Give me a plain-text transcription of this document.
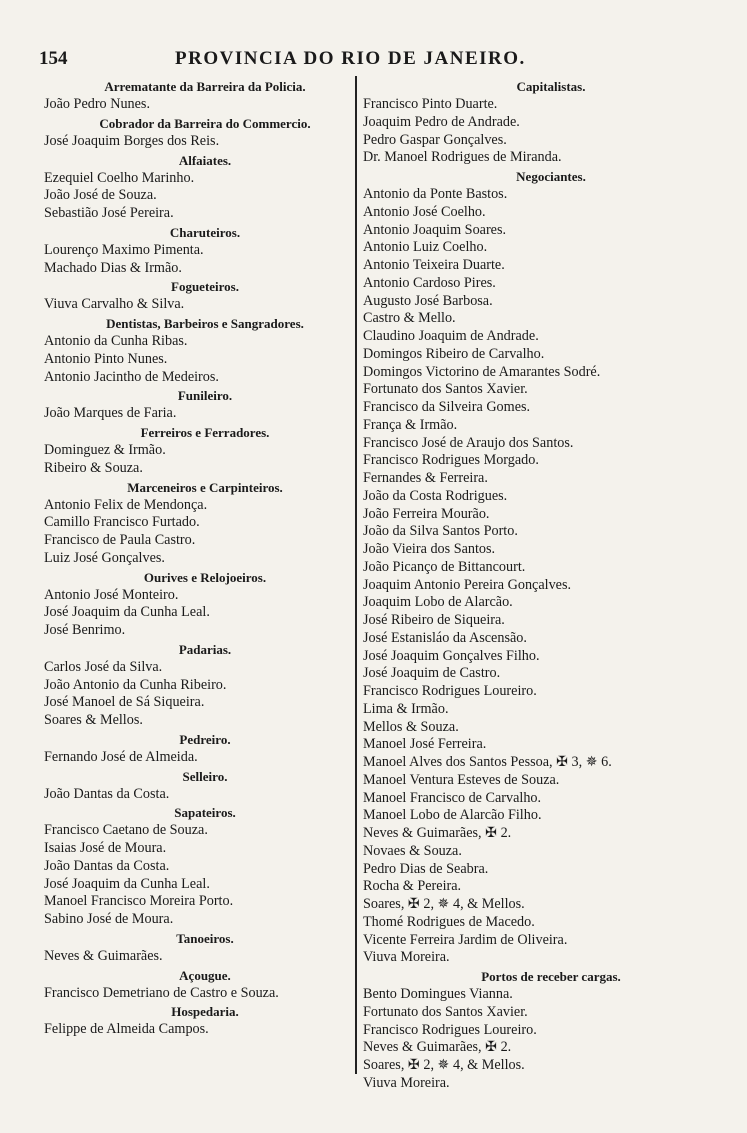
154	PROVINCIA DO RIO DE JANEIRO.
Arrematante da Barreira da Policia.
João Pedro Nunes.
Cobrador da Barreira do Commercio.
José Joaquim Borges dos Reis.
Alfaiates.
Ezequiel Coelho Marinho.
João José de Souza.
Sebastião José Pereira.
Charuteiros.
Lourenço Maximo Pimenta.
Machado Dias & Irmão.
Fogueteiros.
Viuva Carvalho & Silva.
Dentistas, Barbeiros e Sangradores.
Antonio da Cunha Ribas.
Antonio Pinto Nunes.
Antonio Jacintho de Medeiros.
Funileiro.
João Marques de Faria.
Ferreiros e Ferradores.
Dominguez & Irmão.
Ribeiro & Souza.
Marceneiros e Carpinteiros.
Antonio Felix de Mendonça.
Camillo Francisco Furtado.
Francisco de Paula Castro.
Luiz José Gonçalves.
Ourives e Relojoeiros.
Antonio José Monteiro.
José Joaquim da Cunha Leal.
José Benrimo.
Padarias.
Carlos José da Silva.
João Antonio da Cunha Ribeiro.
José Manoel de Sá Siqueira.
Soares & Mellos.
Pedreiro.
Fernando José de Almeida.
Selleiro.
João Dantas da Costa.
Sapateiros.
Francisco Caetano de Souza.
Isaias José de Moura.
João Dantas da Costa.
José Joaquim da Cunha Leal.
Manoel Francisco Moreira Porto.
Sabino José de Moura.
Tanoeiros.
Neves & Guimarães.
Açougue.
Francisco Demetriano de Castro e Souza.
Hospedaria.
Felippe de Almeida Campos.
Capitalistas.
Francisco Pinto Duarte.
Joaquim Pedro de Andrade.
Pedro Gaspar Gonçalves.
Dr. Manoel Rodrigues de Miranda.
Negociantes.
Antonio da Ponte Bastos.
Antonio José Coelho.
Antonio Joaquim Soares.
Antonio Luiz Coelho.
Antonio Teixeira Duarte.
Antonio Cardoso Pires.
Augusto José Barbosa.
Castro & Mello.
Claudino Joaquim de Andrade.
Domingos Ribeiro de Carvalho.
Domingos Victorino de Amarantes Sodré.
Fortunato dos Santos Xavier.
Francisco da Silveira Gomes.
França & Irmão.
Francisco José de Araujo dos Santos.
Francisco Rodrigues Morgado.
Fernandes & Ferreira.
João da Costa Rodrigues.
João Ferreira Mourão.
João da Silva Santos Porto.
João Vieira dos Santos.
João Picanço de Bittancourt.
Joaquim Antonio Pereira Gonçalves.
Joaquim Lobo de Alarcão.
José Ribeiro de Siqueira.
José Estanisláo da Ascensão.
José Joaquim Gonçalves Filho.
José Joaquim de Castro.
Francisco Rodrigues Loureiro.
Lima & Irmão.
Mellos & Souza.
Manoel José Ferreira.
Manoel Alves dos Santos Pessoa, ✠ 3, ✵ 6.
Manoel Ventura Esteves de Souza.
Manoel Francisco de Carvalho.
Manoel Lobo de Alarcão Filho.
Neves & Guimarães, ✠ 2.
Novaes & Souza.
Pedro Dias de Seabra.
Rocha & Pereira.
Soares, ✠ 2, ✵ 4, & Mellos.
Thomé Rodrigues de Macedo.
Vicente Ferreira Jardim de Oliveira.
Viuva Moreira.
Portos de receber cargas.
Bento Domingues Vianna.
Fortunato dos Santos Xavier.
Francisco Rodrigues Loureiro.
Neves & Guimarães, ✠ 2.
Soares, ✠ 2, ✵ 4, & Mellos.
Viuva Moreira.
